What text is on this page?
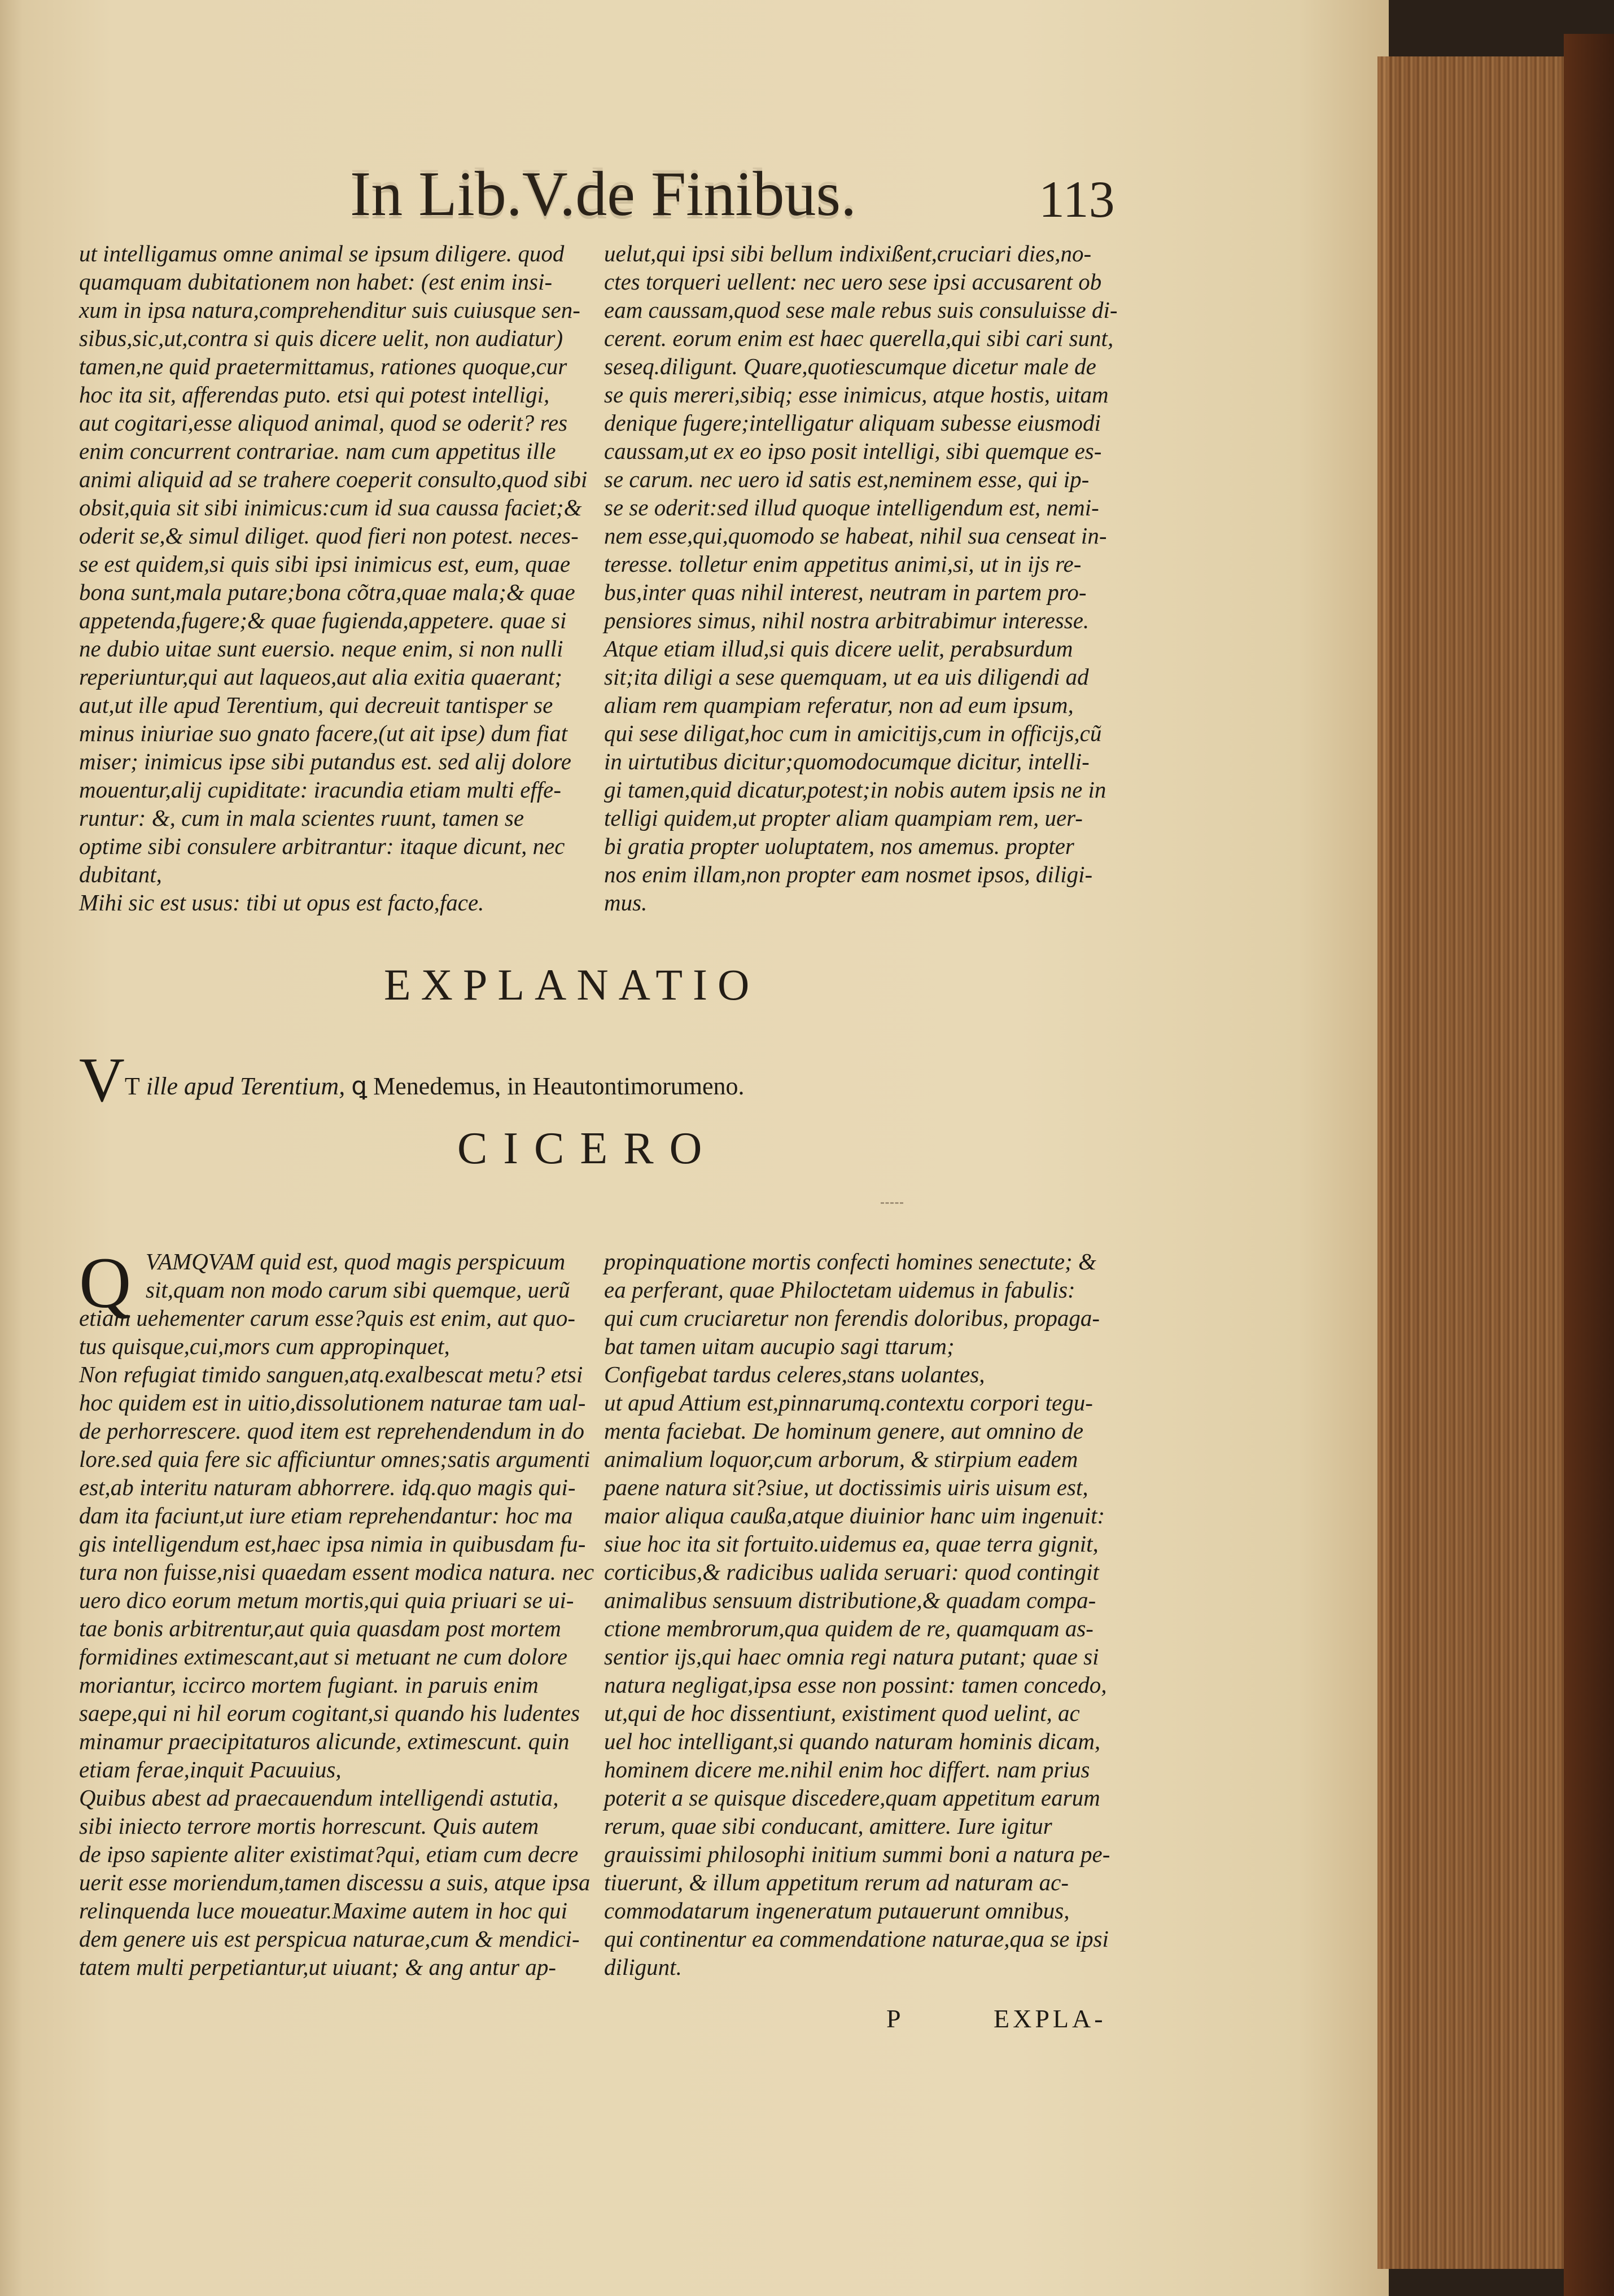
In Lib.V.de Finibus.	113
ut intelligamus omne animal se ipsum diligere. quod
quamquam dubitationem non habet: (est enim insi-
xum in ipsa natura,comprehenditur suis cuiusque sen-
sibus,sic,ut,contra si quis dicere uelit, non audiatur)
tamen,ne quid praetermittamus, rationes quoque,cur
hoc ita sit, afferendas puto. etsi qui potest intelligi,
aut cogitari,esse aliquod animal, quod se oderit? res
enim concurrent contrariae. nam cum appetitus ille
animi aliquid ad se trahere coeperit consulto,quod sibi
obsit,quia sit sibi inimicus:cum id sua caussa faciet;&
oderit se,& simul diliget. quod fieri non potest. neces-
se est quidem,si quis sibi ipsi inimicus est, eum, quae
bona sunt,mala putare;bona cõtra,quae mala;& quae
appetenda,fugere;& quae fugienda,appetere. quae si
ne dubio uitae sunt euersio. neque enim, si non nulli
reperiuntur,qui aut laqueos,aut alia exitia quaerant;
aut,ut ille apud Terentium, qui decreuit tantisper se
minus iniuriae suo gnato facere,(ut ait ipse) dum fiat
miser; inimicus ipse sibi putandus est. sed alij dolore
mouentur,alij cupiditate: iracundia etiam multi effe-
runtur: &, cum in mala scientes ruunt, tamen se
optime sibi consulere arbitrantur: itaque dicunt, nec
dubitant,
Mihi sic est usus: tibi ut opus est facto,face.
uelut,qui ipsi sibi bellum indixißent,cruciari dies,no-
ctes torqueri uellent: nec uero sese ipsi accusarent ob
eam caussam,quod sese male rebus suis consuluisse di-
cerent. eorum enim est haec querella,qui sibi cari sunt,
seseq.diligunt. Quare,quotiescumque dicetur male de
se quis mereri,sibiq; esse inimicus, atque hostis, uitam
denique fugere;intelligatur aliquam subesse eiusmodi
caussam,ut ex eo ipso posit intelligi, sibi quemque es-
se carum. nec uero id satis est,neminem esse, qui ip-
se se oderit:sed illud quoque intelligendum est, nemi-
nem esse,qui,quomodo se habeat, nihil sua censeat in-
teresse. tolletur enim appetitus animi,si, ut in ijs re-
bus,inter quas nihil interest, neutram in partem pro-
pensiores simus, nihil nostra arbitrabimur interesse.
Atque etiam illud,si quis dicere uelit, perabsurdum
sit;ita diligi a sese quemquam, ut ea uis diligendi ad
aliam rem quampiam referatur, non ad eum ipsum,
qui sese diligat,hoc cum in amicitijs,cum in officijs,cũ
in uirtutibus dicitur;quomodocumque dicitur, intelli-
gi tamen,quid dicatur,potest;in nobis autem ipsis ne in
telligi quidem,ut propter aliam quampiam rem, uer-
bi gratia propter uoluptatem, nos amemus. propter
nos enim illam,non propter eam nosmet ipsos, diligi-
mus.
EXPLANATIO
VT ille apud Terentium, ꝗ Menedemus, in Heautontimorumeno.
CICERO
Q VAMQVAM quid est, quod magis perspicuum
sit,quam non modo carum sibi quemque, uerũ
etiam uehementer carum esse?quis est enim, aut quo-
tus quisque,cui,mors cum appropinquet,
Non refugiat timido sanguen,atq.exalbescat metu? etsi
hoc quidem est in uitio,dissolutionem naturae tam ual-
de perhorrescere. quod item est reprehendendum in do
lore.sed quia fere sic afficiuntur omnes;satis argumenti
est,ab interitu naturam abhorrere. idq.quo magis qui-
dam ita faciunt,ut iure etiam reprehendantur: hoc ma
gis intelligendum est,haec ipsa nimia in quibusdam fu-
tura non fuisse,nisi quaedam essent modica natura. nec
uero dico eorum metum mortis,qui quia priuari se ui-
tae bonis arbitrentur,aut quia quasdam post mortem
formidines extimescant,aut si metuant ne cum dolore
moriantur, iccirco mortem fugiant. in paruis enim
saepe,qui ni hil eorum cogitant,si quando his ludentes
minamur praecipitaturos alicunde, extimescunt. quin
etiam ferae,inquit Pacuuius,
Quibus abest ad praecauendum intelligendi astutia,
sibi iniecto terrore mortis horrescunt. Quis autem
de ipso sapiente aliter existimat?qui, etiam cum decre
uerit esse moriendum,tamen discessu a suis, atque ipsa
relinquenda luce moueatur.Maxime autem in hoc qui
dem genere uis est perspicua naturae,cum & mendici-
tatem multi perpetiantur,ut uiuant; & ang antur ap-
propinquatione mortis confecti homines senectute; &
ea perferant, quae Philoctetam uidemus in fabulis:
qui cum cruciaretur non ferendis doloribus, propaga-
bat tamen uitam aucupio sagi ttarum;
Configebat tardus celeres,stans uolantes,
ut apud Attium est,pinnarumq.contextu corpori tegu-
menta faciebat. De hominum genere, aut omnino de
animalium loquor,cum arborum, & stirpium eadem
paene natura sit?siue, ut doctissimis uiris uisum est,
maior aliqua caußa,atque diuinior hanc uim ingenuit:
siue hoc ita sit fortuito.uidemus ea, quae terra gignit,
corticibus,& radicibus ualida seruari: quod contingit
animalibus sensuum distributione,& quadam compa-
ctione membrorum,qua quidem de re, quamquam as-
sentior ijs,qui haec omnia regi natura putant; quae si
natura negligat,ipsa esse non possint: tamen concedo,
ut,qui de hoc dissentiunt, existiment quod uelint, ac
uel hoc intelligant,si quando naturam hominis dicam,
hominem dicere me.nihil enim hoc differt. nam prius
poterit a se quisque discedere,quam appetitum earum
rerum, quae sibi conducant, amittere. Iure igitur
grauissimi philosophi initium summi boni a natura pe-
tiuerunt, & illum appetitum rerum ad naturam ac-
commodatarum ingeneratum putauerunt omnibus,
qui continentur ea commendatione naturae,qua se ipsi
diligunt.
P	EXPLA-
